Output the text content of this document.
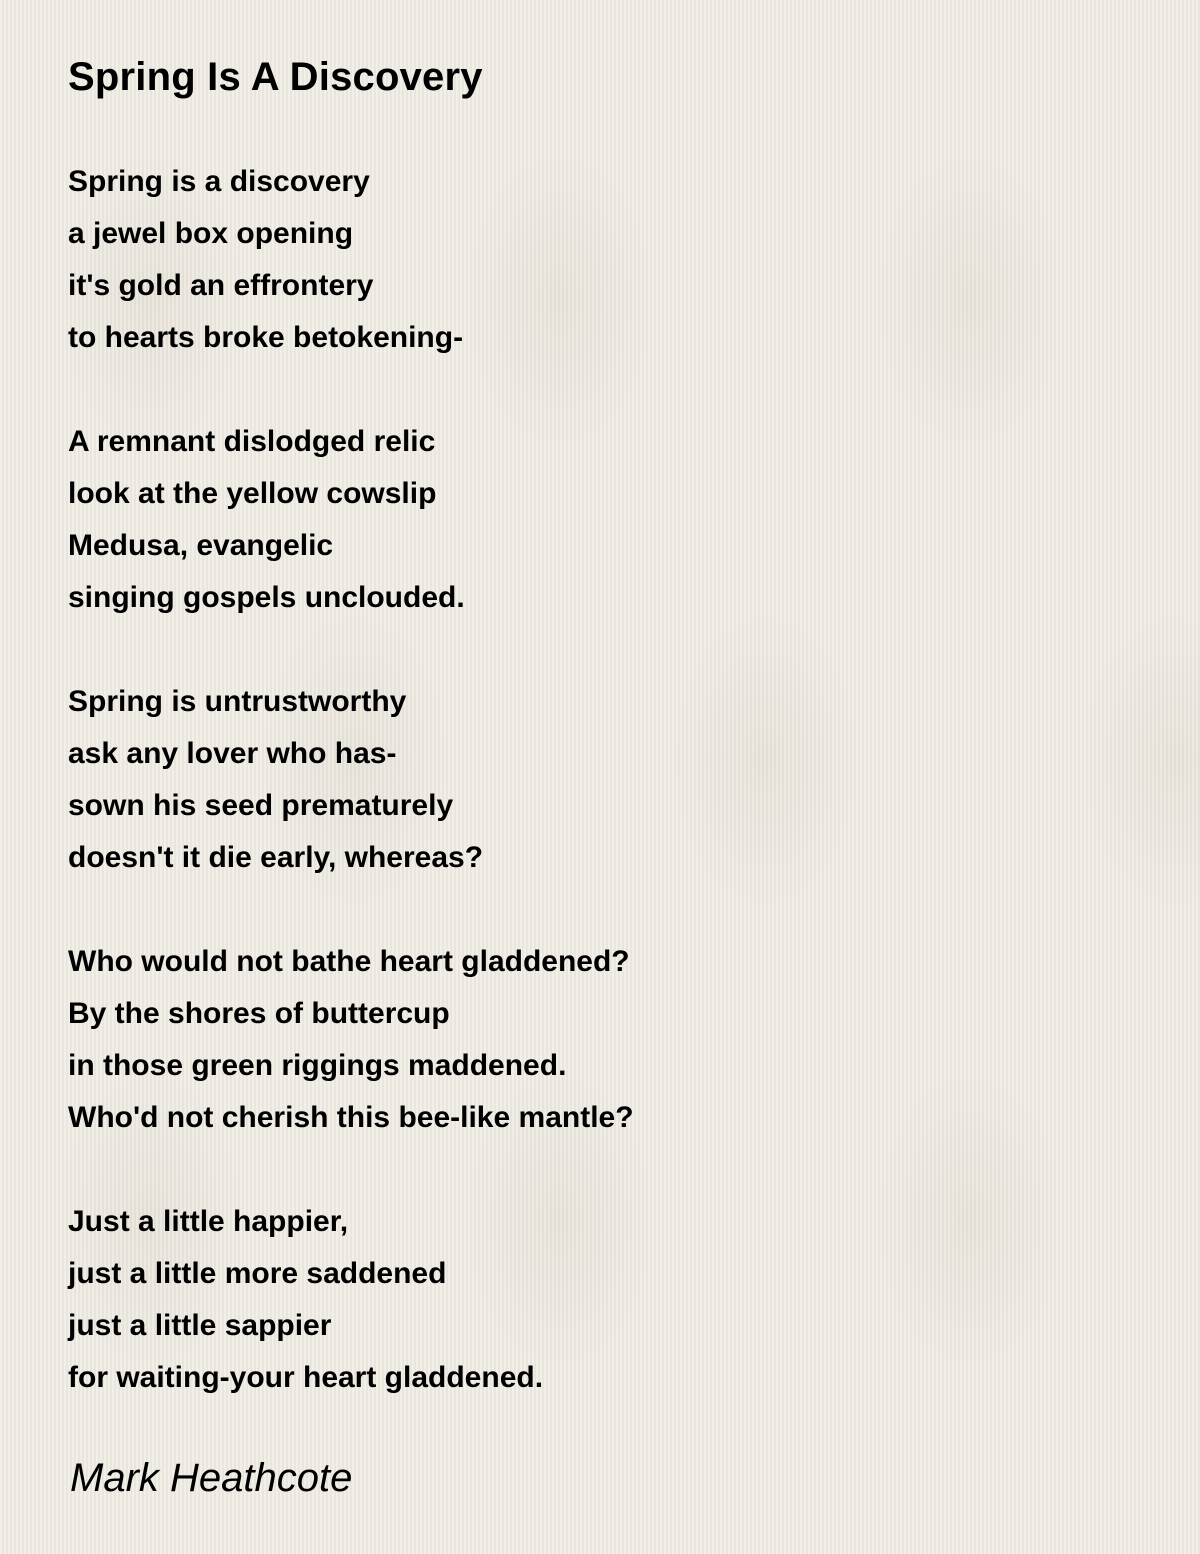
Spring Is A Discovery
Spring is a discovery
a jewel box opening
it's gold an effrontery
to hearts broke betokening-
A remnant dislodged relic
look at the yellow cowslip
Medusa, evangelic
singing gospels unclouded.
Spring is untrustworthy
ask any lover who has-
sown his seed prematurely
doesn't it die early, whereas?
Who would not bathe heart gladdened?
By the shores of buttercup
in those green riggings maddened.
Who'd not cherish this bee-like mantle?
Just a little happier,
just a little more saddened
just a little sappier
for waiting-your heart gladdened.
Mark Heathcote
